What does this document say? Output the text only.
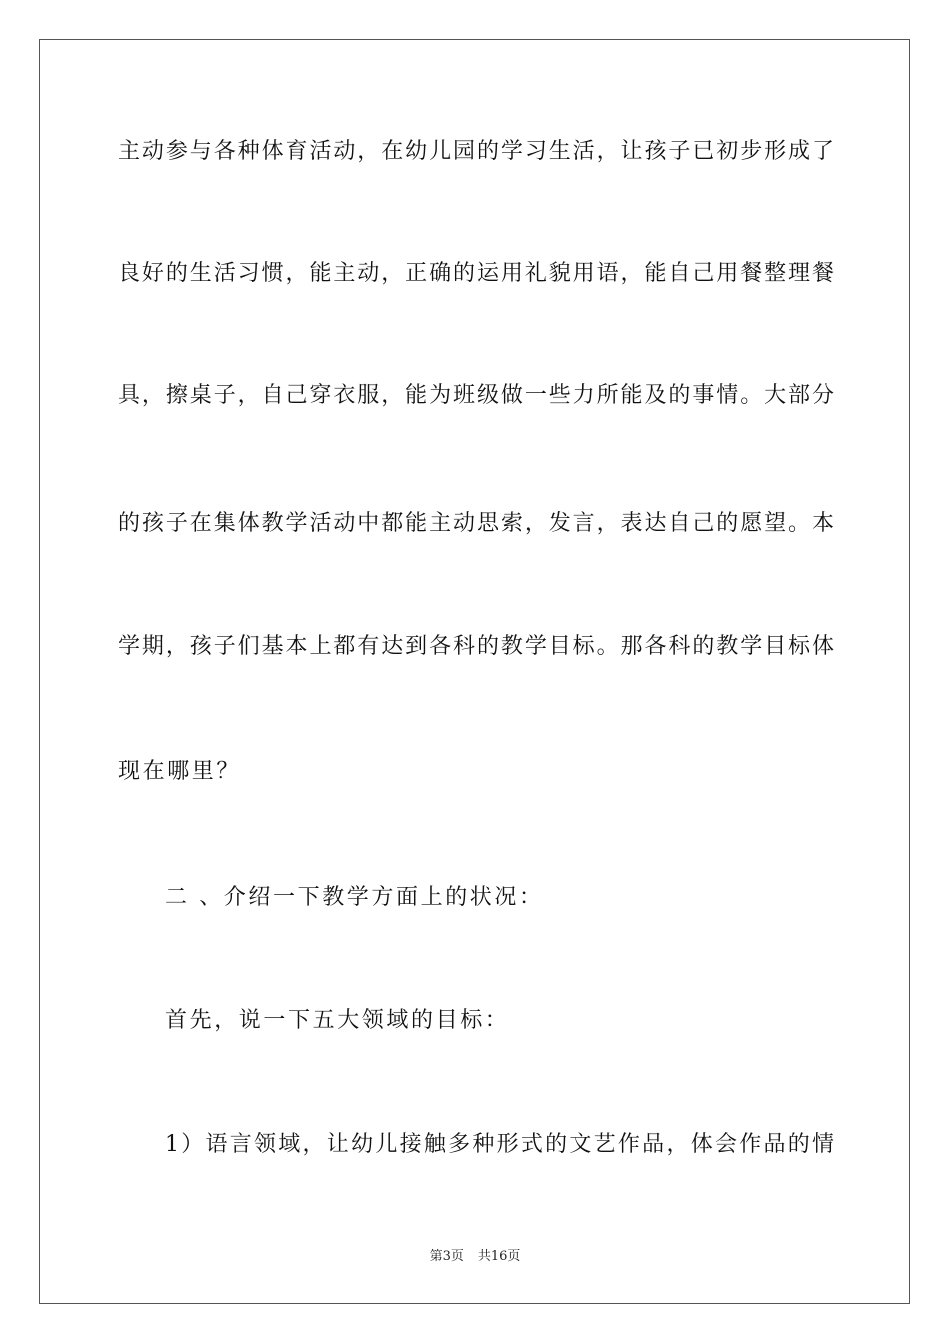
主动参与各种体育活动，在幼儿园的学习生活，让孩子已初步形成了
良好的生活习惯，能主动，正确的运用礼貌用语，能自己用餐整理餐
具，擦桌子，自己穿衣服，能为班级做一些力所能及的事情。大部分
的孩子在集体教学活动中都能主动思索，发言，表达自己的愿望。本
学期，孩子们基本上都有达到各科的教学目标。那各科的教学目标体
现在哪里？
二 、介绍一下教学方面上的状况：
首先，说一下五大领域的目标：
1）语言领域，让幼儿接触多种形式的文艺作品，体会作品的情
第3页 共16页
